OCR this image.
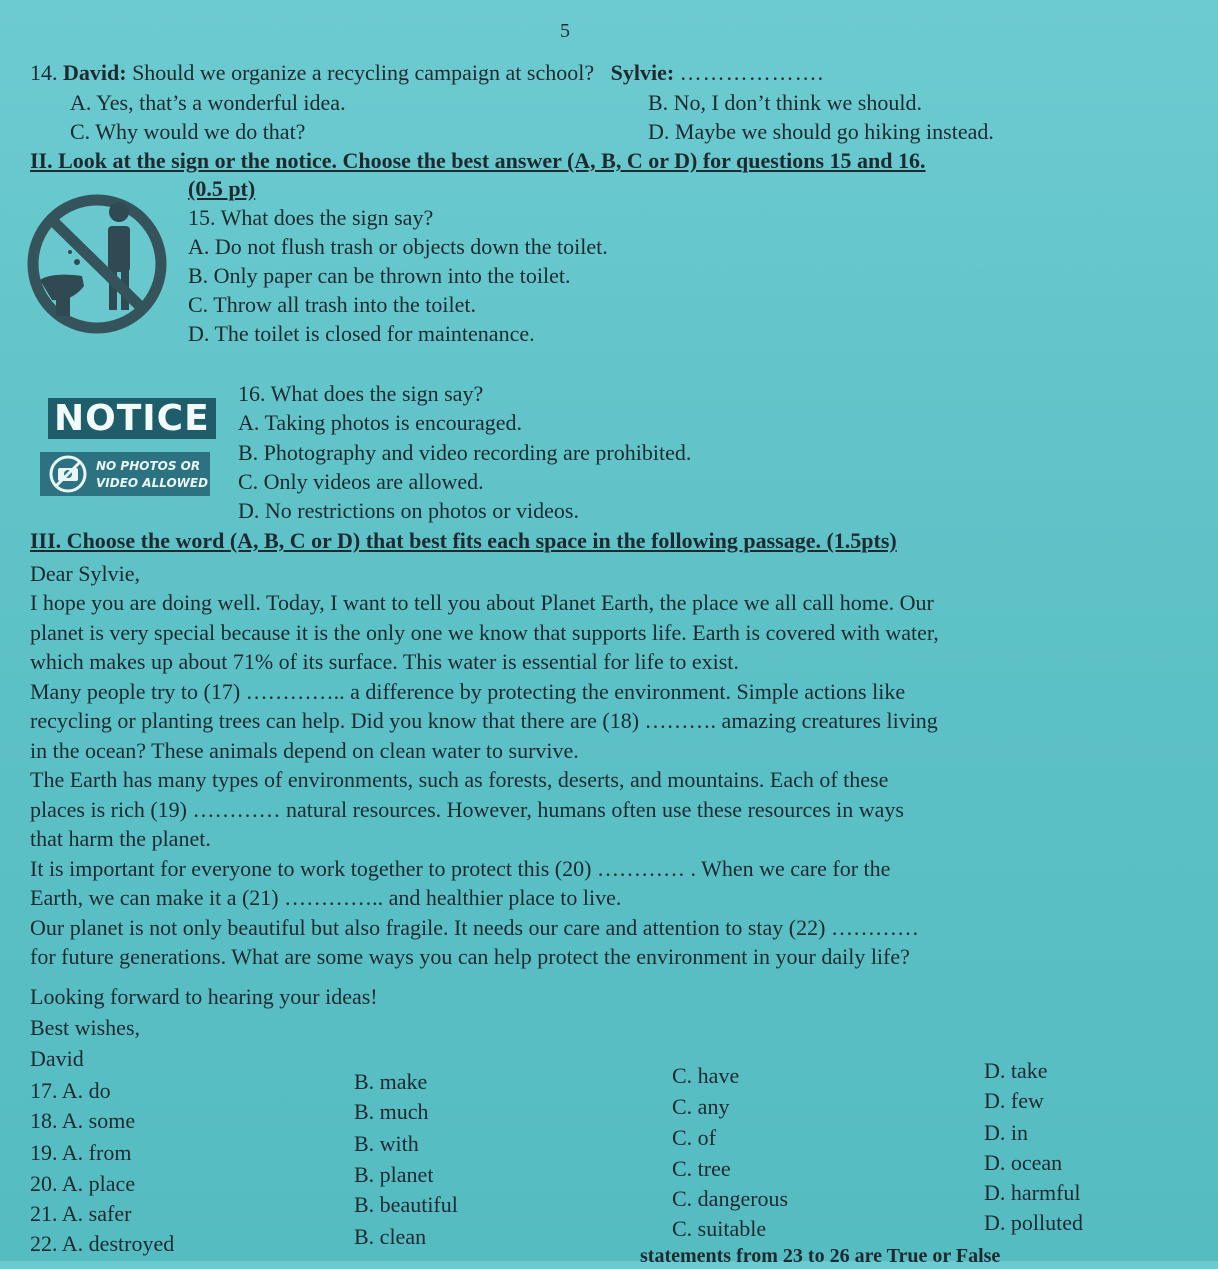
5
14. David: Should we organize a recycling campaign at school? Sylvie: ……………….
A. Yes, that’s a wonderful idea.	B. No, I don’t think we should.
C. Why would we do that?	D. Maybe we should go hiking instead.
II. Look at the sign or the notice. Choose the best answer (A, B, C or D) for questions 15 and 16.
(0.5 pt)
15. What does the sign say?
A. Do not flush trash or objects down the toilet.
B. Only paper can be thrown into the toilet.
C. Throw all trash into the toilet.
D. The toilet is closed for maintenance.
NOTICE
NO PHOTOS OR
VIDEO ALLOWED
16. What does the sign say?
A. Taking photos is encouraged.
B. Photography and video recording are prohibited.
C. Only videos are allowed.
D. No restrictions on photos or videos.
III. Choose the word (A, B, C or D) that best fits each space in the following passage. (1.5pts)
Dear Sylvie,
I hope you are doing well. Today, I want to tell you about Planet Earth, the place we all call home. Our
planet is very special because it is the only one we know that supports life. Earth is covered with water,
which makes up about 71% of its surface. This water is essential for life to exist.
Many people try to (17) ………….. a difference by protecting the environment. Simple actions like
recycling or planting trees can help. Did you know that there are (18) ………. amazing creatures living
in the ocean? These animals depend on clean water to survive.
The Earth has many types of environments, such as forests, deserts, and mountains. Each of these
places is rich (19) ………… natural resources. However, humans often use these resources in ways
that harm the planet.
It is important for everyone to work together to protect this (20) ………… . When we care for the
Earth, we can make it a (21) ………….. and healthier place to live.
Our planet is not only beautiful but also fragile. It needs our care and attention to stay (22) …………
for future generations. What are some ways you can help protect the environment in your daily life?
Looking forward to hearing your ideas!
Best wishes,
David
17. A. do	B. make	C. have	D. take
18. A. some	B. much	C. any	D. few
19. A. from	B. with	C. of	D. in
20. A. place	B. planet	C. tree	D. ocean
21. A. safer	B. beautiful	C. dangerous	D. harmful
22. A. destroyed	B. clean	C. suitable	D. polluted
statements from 23 to 26 are True or False
